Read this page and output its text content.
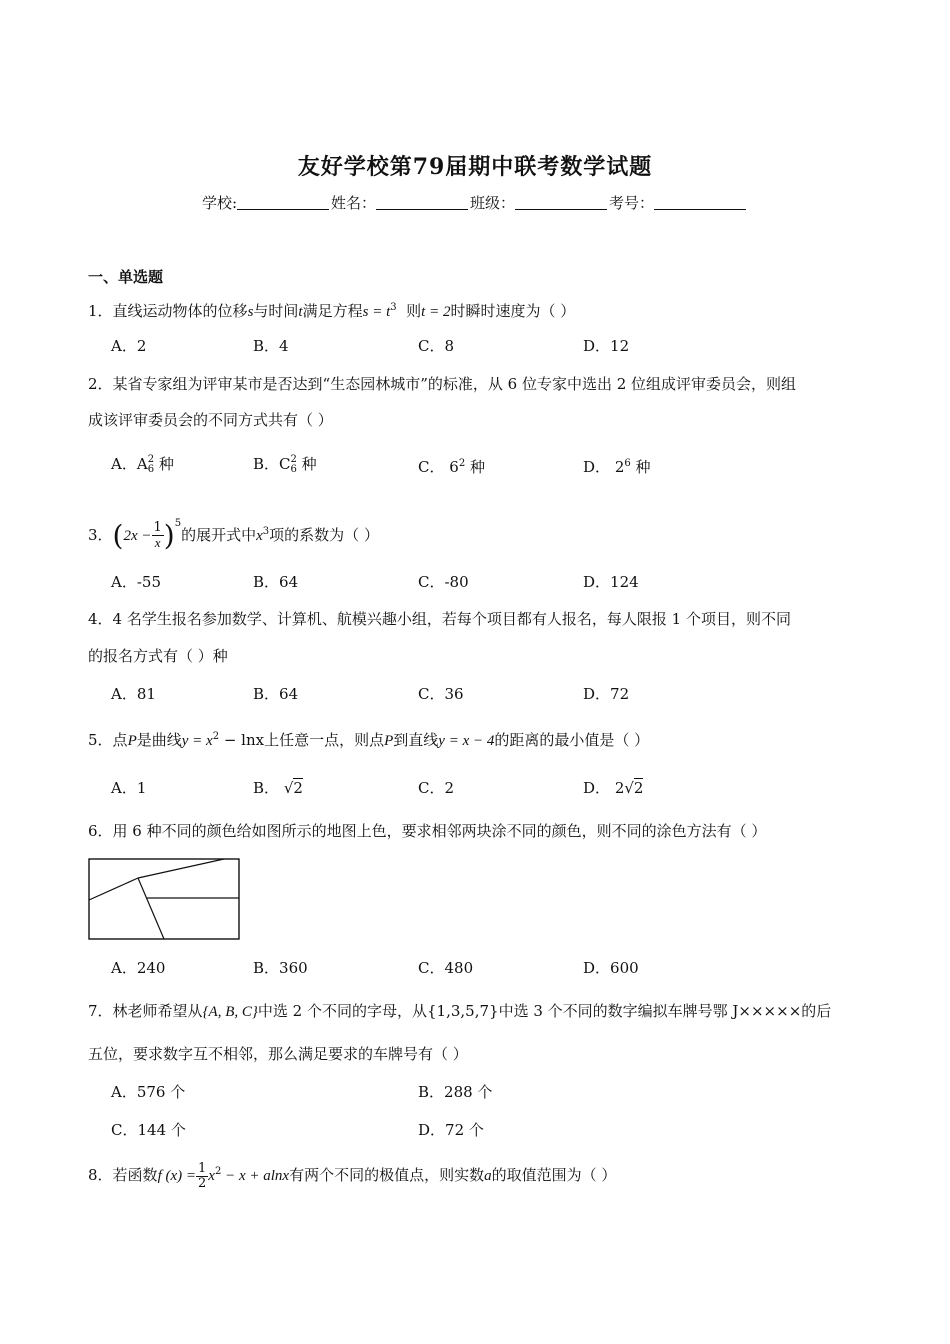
友好学校第79届期中联考数学试题
学校:	姓名：	班级：	考号：
一、单选题
1．直线运动物体的位移s与时间t满足方程$s = t^3$  则t = 2时瞬时速度为（ ）
A．2	B．4	C．8	D．12
2．某省专家组为评审某市是否达到“生态园林城市”的标准，从 6 位专家中选出 2 位组成评审委员会，则组
成该评审委员会的不同方式共有（ ）
A．A 2
6 种	B．C 2
6 种	C． $6^2$ 种	D． $2^6$ 种
3．$(2x - \frac{1}{x} )^5$的展开式中$x^3$项的系数为（ ）
A．-55	B．64	C．-80	D．124
4．4 名学生报名参加数学、计算机、航模兴趣小组，若每个项目都有人报名，每人限报 1 个项目，则不同
的报名方式有（ ）种
A．81	B．64	C．36	D．72
5．点P是曲线$y = x^2 - \ln x$上任意一点，则点P到直线y = x − 4的距离的最小值是（ ）
A．1	B． √2	C．2	D． 2√2
6．用 6 种不同的颜色给如图所示的地图上色，要求相邻两块涂不同的颜色，则不同的涂色方法有（ ）
A．240	B．360	C．480	D．600
7．林老师希望从{A, B, C}中选 2 个不同的字母，从{1,3,5,7}中选 3 个不同的数字编拟车牌号鄂 J×××××的后
五位，要求数字互不相邻，那么满足要求的车牌号有（ ）
A．576 个	B．288 个
C．144 个	D．72 个
8．若函数f $(x) = \frac{1}{2} x^2 - x + alnx$有两个不同的极值点，则实数a的取值范围为（ ）
